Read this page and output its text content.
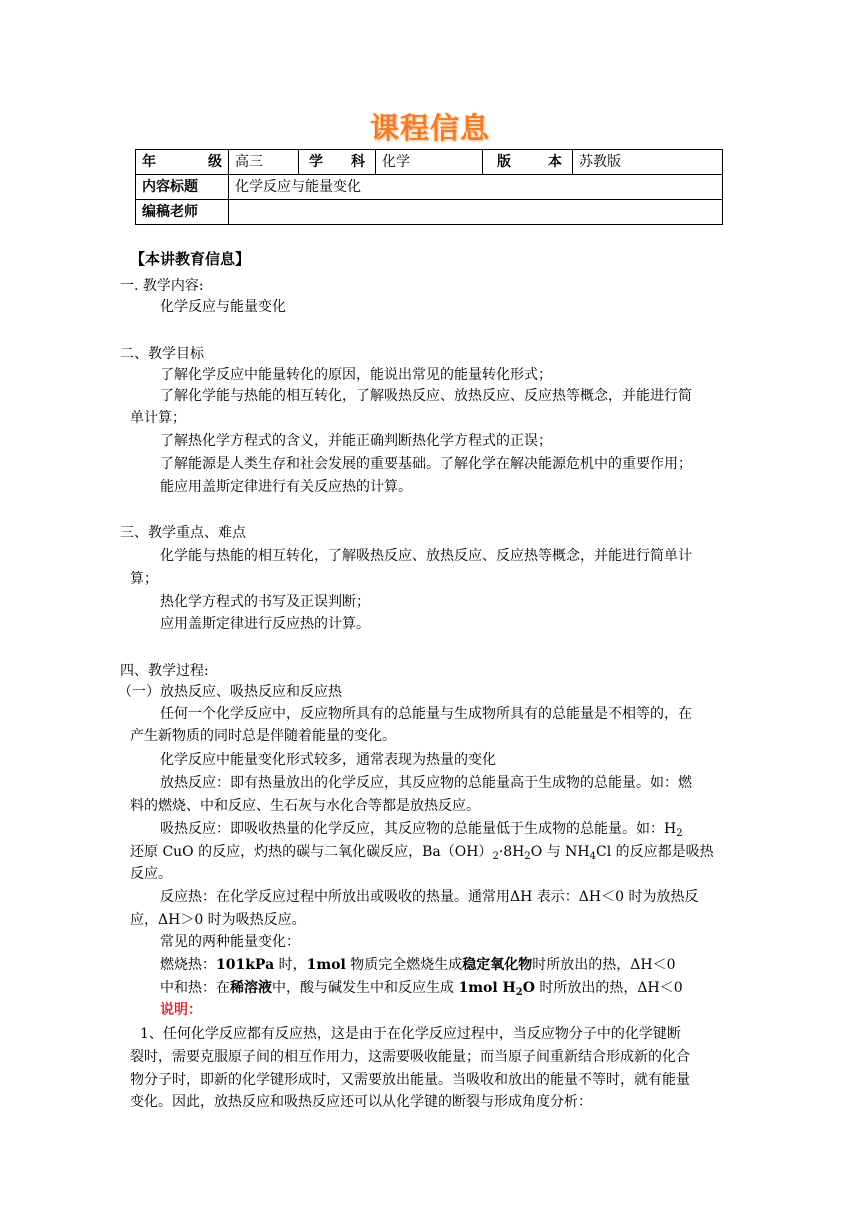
课程信息
年 级	高三	学 科	化学	版 本	苏教版
内容标题	化学反应与能量变化				
编稿老师					
【本讲教育信息】
一. 教学内容:
化学反应与能量变化
二、教学目标
了解化学反应中能量转化的原因，能说出常见的能量转化形式；
了解化学能与热能的相互转化，了解吸热反应、放热反应、反应热等概念，并能进行简
单计算；
了解热化学方程式的含义，并能正确判断热化学方程式的正误；
了解能源是人类生存和社会发展的重要基础。了解化学在解决能源危机中的重要作用；
能应用盖斯定律进行有关反应热的计算。
三、教学重点、难点
化学能与热能的相互转化，了解吸热反应、放热反应、反应热等概念，并能进行简单计
算；
热化学方程式的书写及正误判断；
应用盖斯定律进行反应热的计算。
四、教学过程:
（一）放热反应、吸热反应和反应热
任何一个化学反应中，反应物所具有的总能量与生成物所具有的总能量是不相等的，在
产生新物质的同时总是伴随着能量的变化。
化学反应中能量变化形式较多，通常表现为热量的变化
放热反应：即有热量放出的化学反应，其反应物的总能量高于生成物的总能量。如：燃
料的燃烧、中和反应、生石灰与水化合等都是放热反应。
吸热反应：即吸收热量的化学反应，其反应物的总能量低于生成物的总能量。如：$H_2$
还原 CuO 的反应，灼热的碳与二氧化碳反应，$Ba(OH)_2\cdot 8H_2O$ 与 $NH_4Cl$ 的反应都是吸热
反应。
反应热：在化学反应过程中所放出或吸收的热量。通常用ΔH 表示：ΔH＜0 时为放热反
应，ΔH＞0 时为吸热反应。
常见的两种能量变化：
燃烧热：101kPa 时，1mol 物质完全燃烧生成稳定氧化物时所放出的热，ΔH＜0
中和热：在稀溶液中，酸与碱发生中和反应生成 1mol $H_2O$ 时所放出的热，ΔH＜0
说明：
1、任何化学反应都有反应热，这是由于在化学反应过程中，当反应物分子中的化学键断
裂时，需要克服原子间的相互作用力，这需要吸收能量；而当原子间重新结合形成新的化合
物分子时，即新的化学键形成时，又需要放出能量。当吸收和放出的能量不等时，就有能量
变化。因此，放热反应和吸热反应还可以从化学键的断裂与形成角度分析：
